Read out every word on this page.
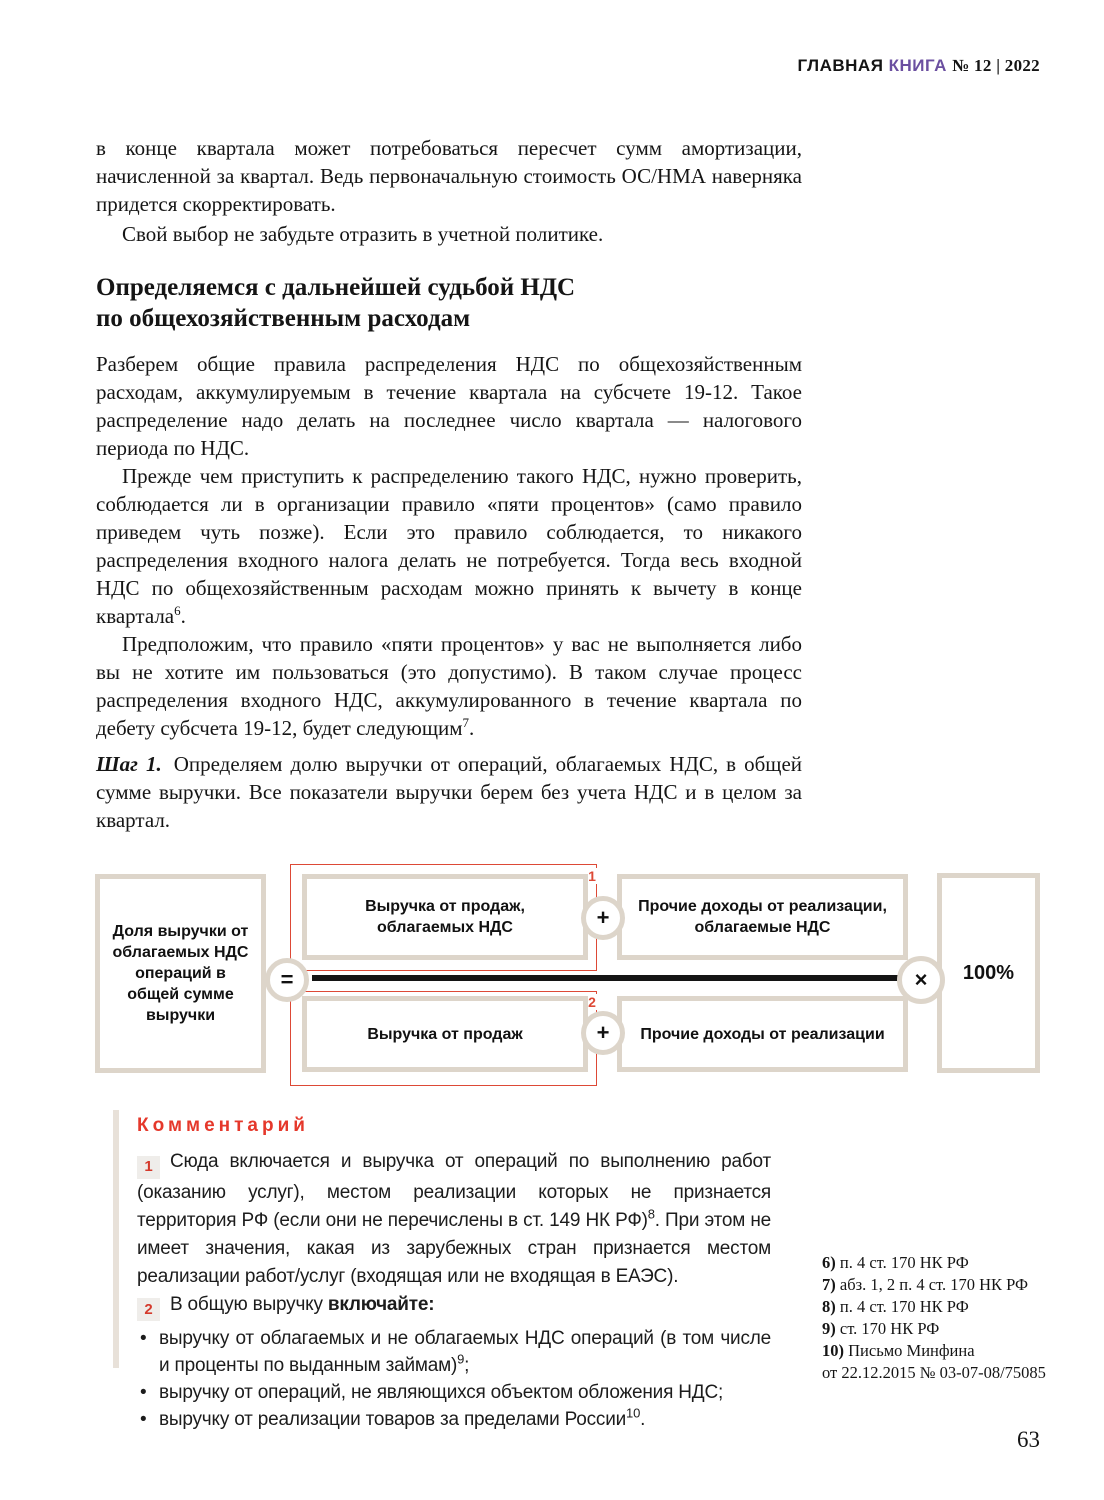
ГЛАВНАЯ КНИГА № 12 | 2022

в конце квартала может потребоваться пересчет сумм амортизации, начисленной за квартал. Ведь первоначальную стоимость ОС/НМА наверняка придется скорректировать.

Свой выбор не забудьте отразить в учетной политике.

Определяемся с дальнейшей судьбой НДС
по общехозяйственным расходам

Разберем общие правила распределения НДС по общехозяйственным расходам, аккумулируемым в течение квартала на субсчете 19-12. Такое распределение надо делать на последнее число квартала — налогового периода по НДС.

Прежде чем приступить к распределению такого НДС, нужно проверить, соблюдается ли в организации правило «пяти процентов» (само правило приведем чуть позже). Если это правило соблюдается, то никакого распределения входного налога делать не потребуется. Тогда весь входной НДС по общехозяйственным расходам можно принять к вычету в конце квартала$^6$.

Предположим, что правило «пяти процентов» у вас не выполняется либо вы не хотите им пользоваться (это допустимо). В таком случае процесс распределения входного НДС, аккумулированного в течение квартала по дебету субсчета 19-12, будет следующим$^7$.

Шаг 1. Определяем долю выручки от операций, облагаемых НДС, в общей сумме выручки. Все показатели выручки берем без учета НДС и в целом за квартал.

1
2
Доля выручки от облагаемых НДС операций в общей сумме выручки
Выручка от продаж, облагаемых НДС
Прочие доходы от реализации, облагаемые НДС
Выручка от продаж	Прочие доходы от реализации
100%
=
+
+
×

Комментарий

1 Сюда включается и выручка от операций по выполнению работ (оказанию услуг), местом реализации которых не признается территория РФ (если они не перечислены в ст. 149 НК РФ)$^8$. При этом не имеет значения, какая из зарубежных стран признается местом реализации работ/услуг (входящая или не входящая в ЕАЭС).

2 В общую выручку включайте:

• выручку от облагаемых и не облагаемых НДС операций (в том числе и проценты по выданным займам)$^9$;
• выручку от операций, не являющихся объектом обложения НДС;
• выручку от реализации товаров за пределами России$^{10}$.
6) п. 4 ст. 170 НК РФ
7) абз. 1, 2 п. 4 ст. 170 НК РФ
8) п. 4 ст. 170 НК РФ
9) ст. 170 НК РФ
10) Письмо Минфина
от 22.12.2015 № 03-07-08/75085
63
